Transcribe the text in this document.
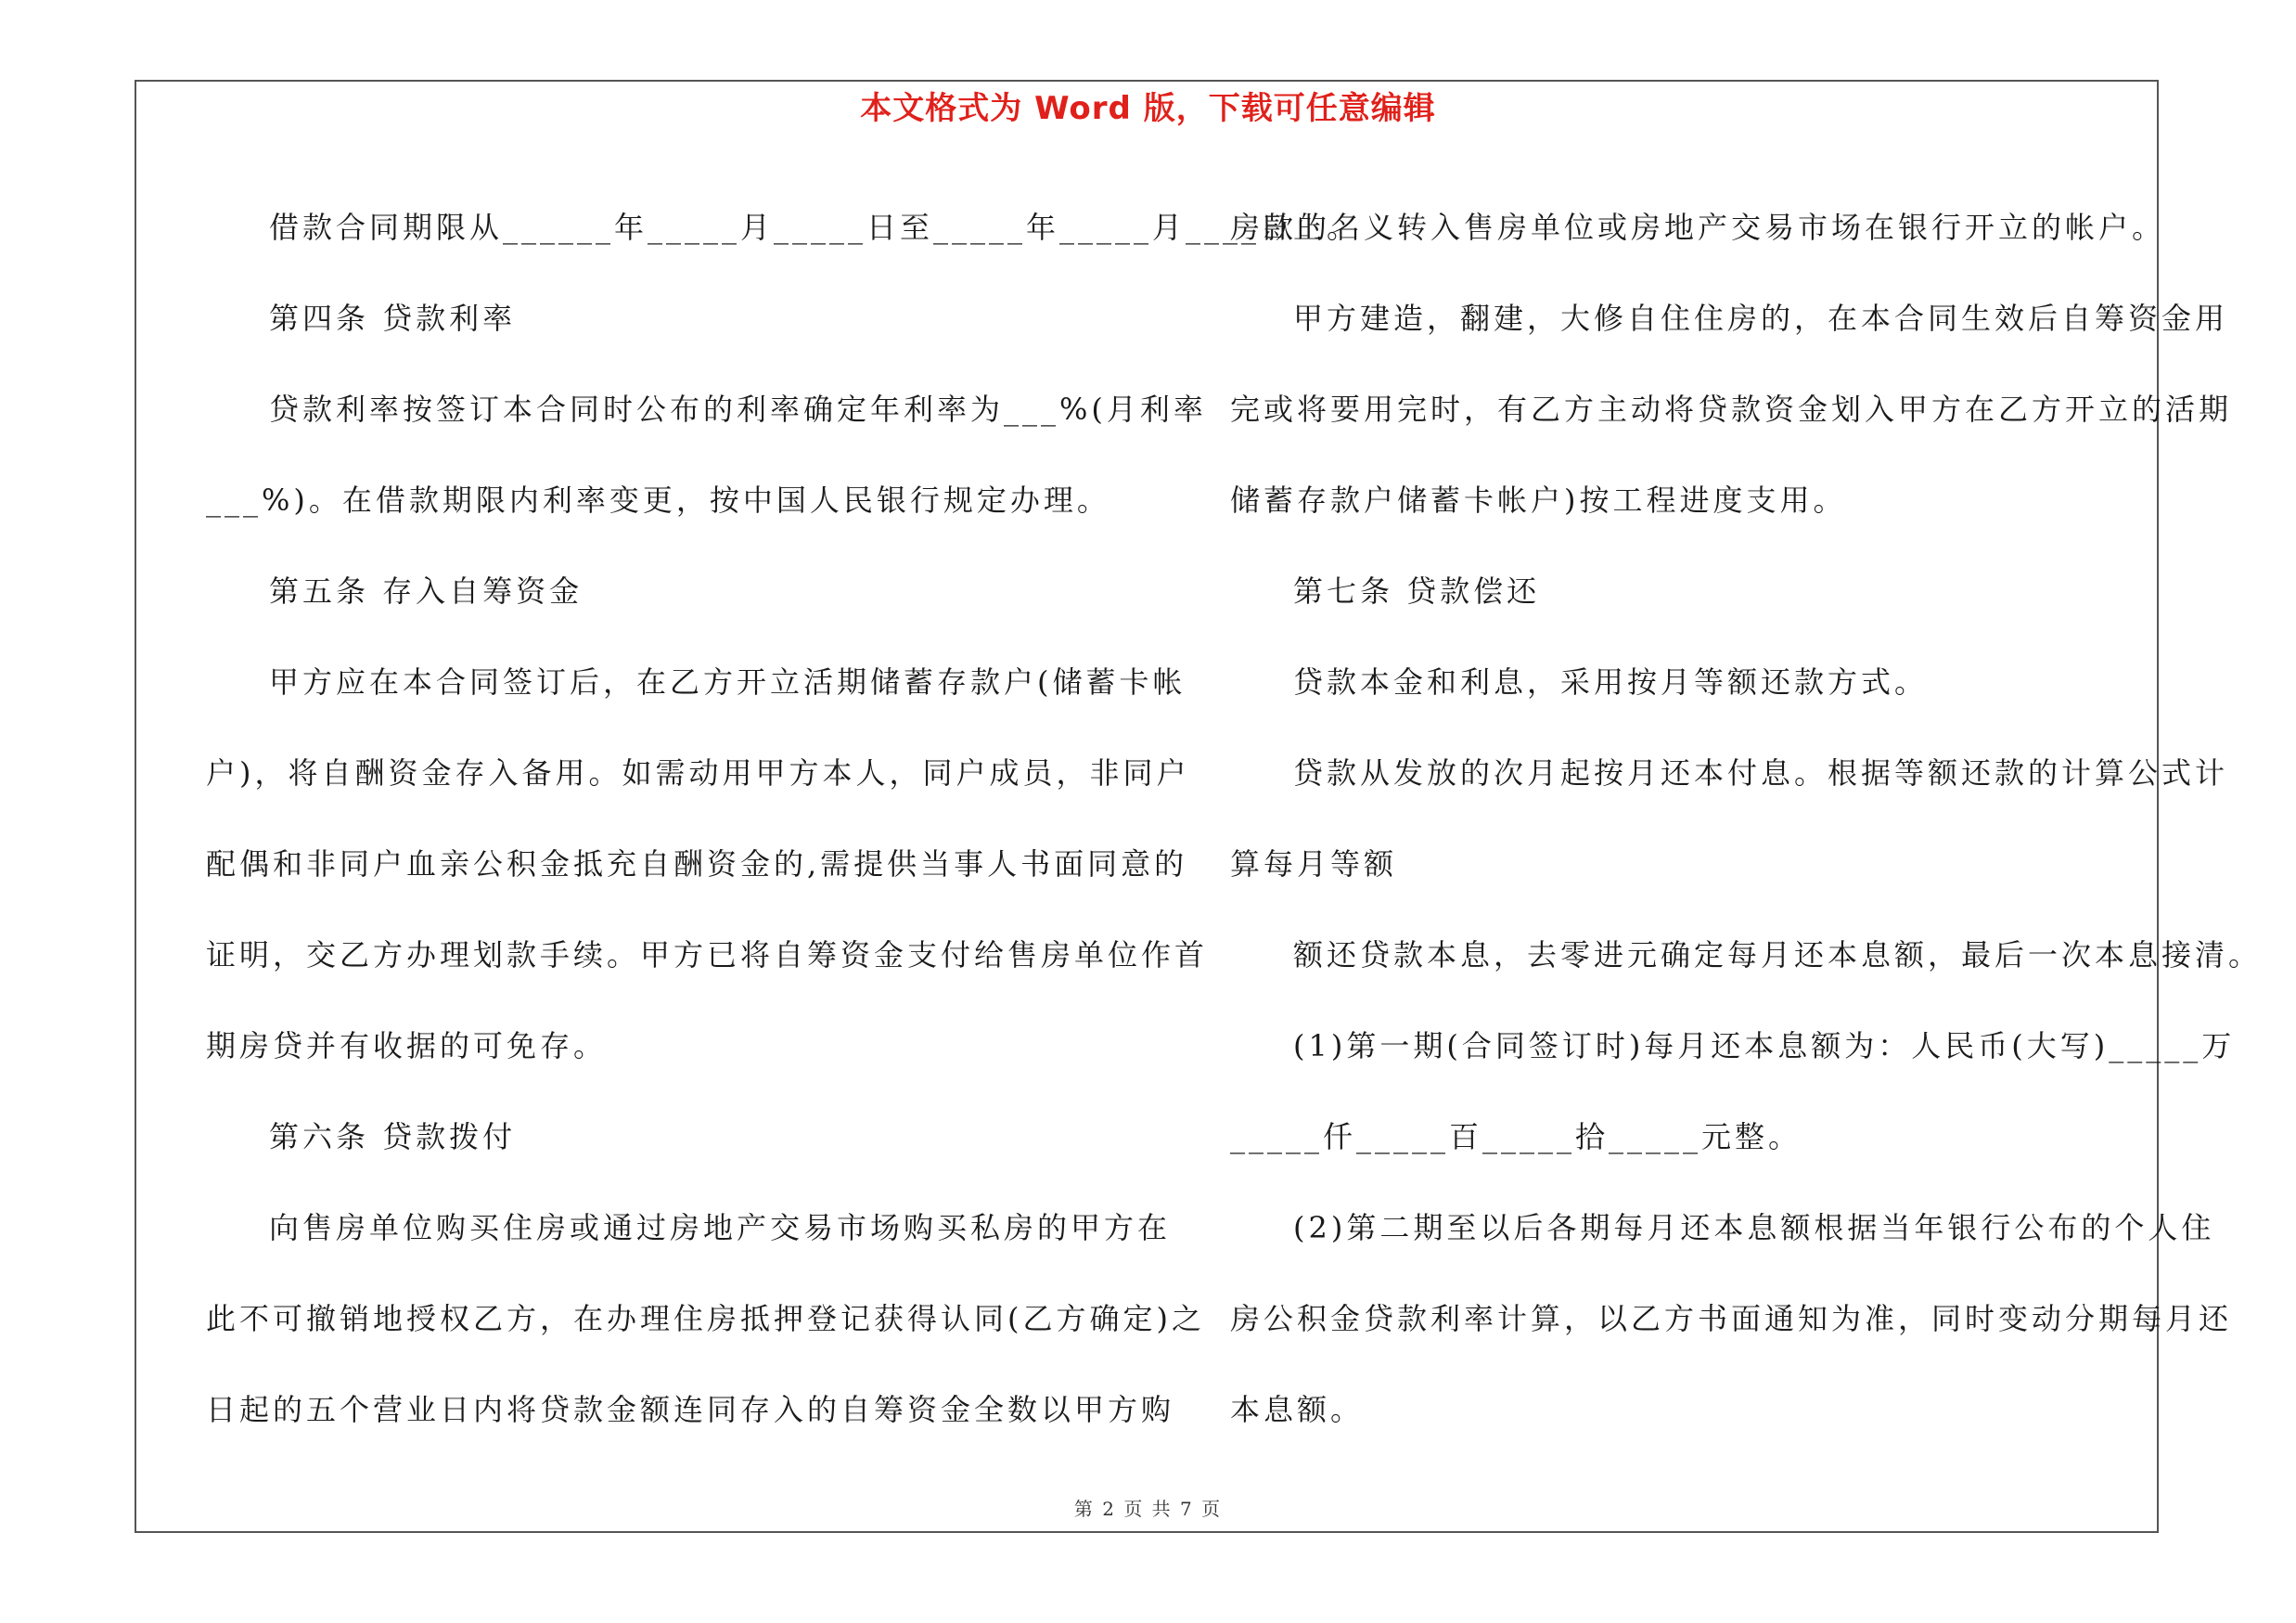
本文格式为 Word 版，下载可任意编辑
借款合同期限从______年_____月_____日至_____年_____月____日止。
第四条 贷款利率
贷款利率按签订本合同时公布的利率确定年利率为___%(月利率
___%)。在借款期限内利率变更，按中国人民银行规定办理。
第五条 存入自筹资金
甲方应在本合同签订后，在乙方开立活期储蓄存款户(储蓄卡帐
户)，将自酬资金存入备用。如需动用甲方本人，同户成员，非同户
配偶和非同户血亲公积金抵充自酬资金的,需提供当事人书面同意的
证明，交乙方办理划款手续。甲方已将自筹资金支付给售房单位作首
期房贷并有收据的可免存。
第六条 贷款拨付
向售房单位购买住房或通过房地产交易市场购买私房的甲方在
此不可撤销地授权乙方，在办理住房抵押登记获得认同(乙方确定)之
日起的五个营业日内将贷款金额连同存入的自筹资金全数以甲方购
房款的名义转入售房单位或房地产交易市场在银行开立的帐户。
甲方建造，翻建，大修自住住房的，在本合同生效后自筹资金用
完或将要用完时，有乙方主动将贷款资金划入甲方在乙方开立的活期
储蓄存款户储蓄卡帐户)按工程进度支用。
第七条 贷款偿还
贷款本金和利息，采用按月等额还款方式。
贷款从发放的次月起按月还本付息。根据等额还款的计算公式计
算每月等额
额还贷款本息，去零进元确定每月还本息额，最后一次本息接清。
(1)第一期(合同签订时)每月还本息额为：人民币(大写)_____万
_____仟_____百_____拾_____元整。
(2)第二期至以后各期每月还本息额根据当年银行公布的个人住
房公积金贷款利率计算，以乙方书面通知为准，同时变动分期每月还
本息额。
第 2 页 共 7 页
